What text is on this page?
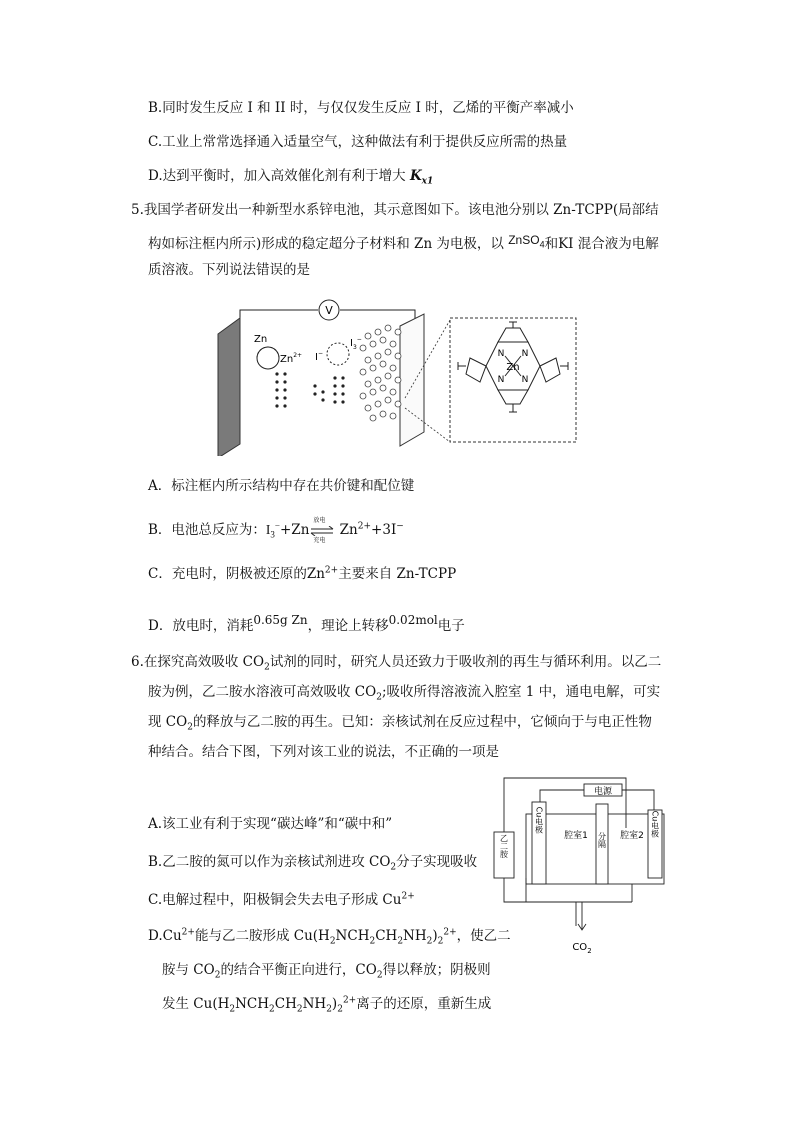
B.同时发生反应 I 和 II 时，与仅仅发生反应 I 时，乙烯的平衡产率减小
C.工业上常常选择通入适量空气，这种做法有利于提供反应所需的热量
D.达到平衡时，加入高效催化剂有利于增大 $K_{x1}$
5.我国学者研发出一种新型水系锌电池，其示意图如下。该电池分别以 Zn-TCPP(局部结
构如标注框内所示)形成的稳定超分子材料和 Zn 为电极，以 ZnSO$_4$和KI 混合液为电解
质溶液。下列说法错误的是
V
Zn
$Zn^{2+}$ I−
$I_3^-$
Zn
N N
N N
A．标注框内所示结构中存在共价键和配位键
B．电池总反应为：$I_3^-+Zn$
放电
充电
$Zn^{2+}+3I^-$
C．充电时，阴极被还原的$Zn^{2+}$主要来自 Zn-TCPP
D．放电时，消耗0.65g Zn，理论上转移0.02mol电子
6.在探究高效吸收 $CO_2$试剂的同时，研究人员还致力于吸收剂的再生与循环利用。以乙二
胺为例，乙二胺水溶液可高效吸收 $CO_2$;吸收所得溶液流入腔室 1 中，通电电解，可实
现 $CO_2$的释放与乙二胺的再生。已知：亲核试剂在反应过程中，它倾向于与电正性物
种结合。结合下图，下列对该工业的说法，不正确的一项是
A.该工业有利于实现“碳达峰”和“碳中和”
B.乙二胺的氮可以作为亲核试剂进攻 $CO_2$分子实现吸收
C.电解过程中，阳极铜会失去电子形成 $Cu^{2+}$
$D.Cu^{2+}$能与乙二胺形成 $Cu(H_2NCH_2CH_2NH_2)_2^{2+}$，使乙二
胺与 $CO_2$的结合平衡正向进行，$CO_2$得以释放；阴极则
发生 $Cu(H_2NCH_2CH_2NH_2)_2^{2+}$离子的还原，重新生成
电源
乙二胺
Cu电极
腔室1 分隔 腔室2 Cu电极
$CO_2$
